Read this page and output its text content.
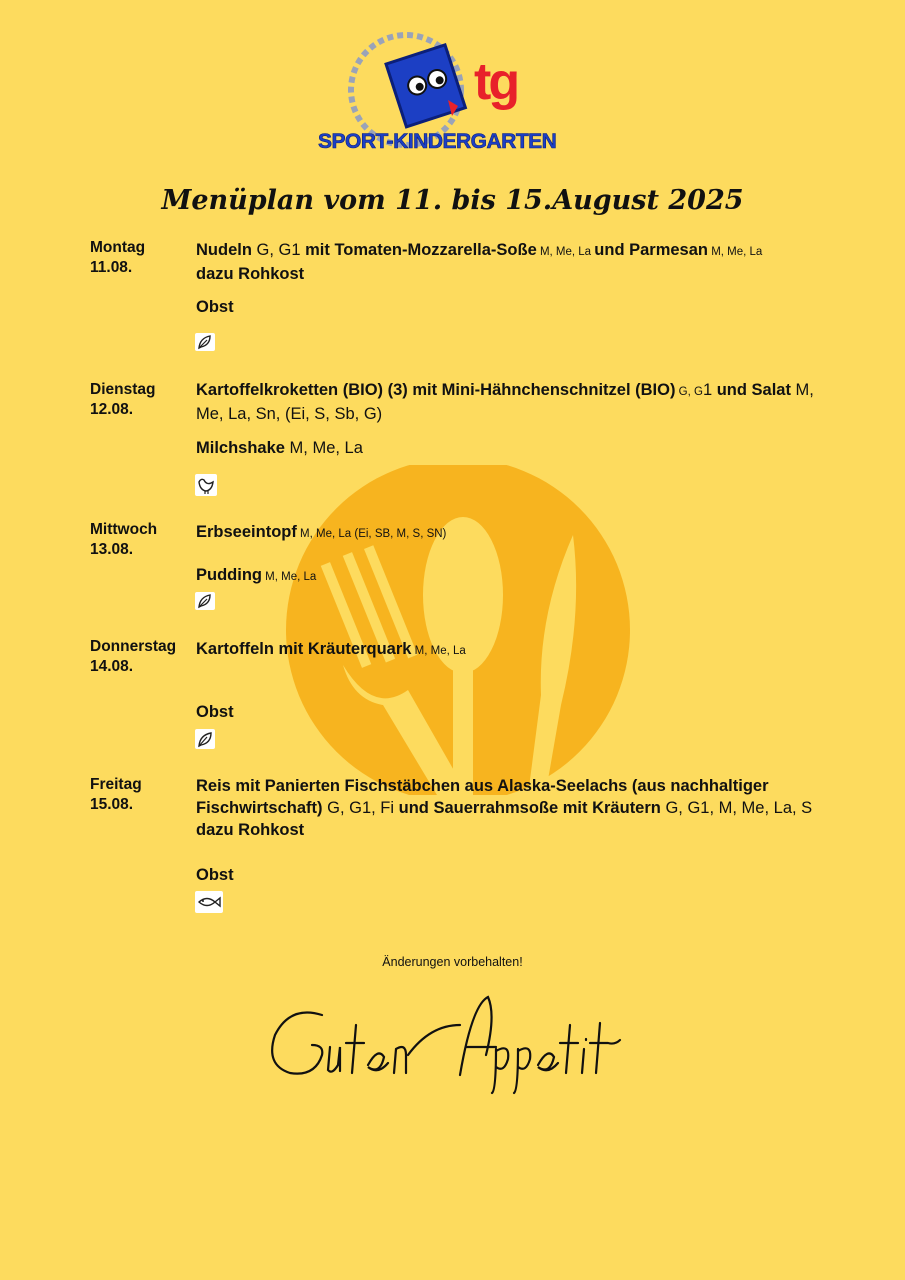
tg
SPORT-KINDERGARTEN
Menüplan vom 11. bis 15.August 2025
Montag
11.08.
Nudeln G, G1 mit Tomaten-Mozzarella-Soße M, Me, La und Parmesan M, Me, La
dazu Rohkost
Obst
Dienstag
12.08.
Kartoffelkroketten (BIO) (3) mit Mini-Hähnchenschnitzel (BIO) G, G1 und Salat M, Me, La, Sn, (Ei, S, Sb, G)
Milchshake M, Me, La
Mittwoch
13.08.
Erbseeintopf M, Me, La (Ei, SB, M, S, SN)
Pudding M, Me, La
Donnerstag
14.08.
Kartoffeln mit Kräuterquark M, Me, La
Obst
Freitag
15.08.
Reis mit Panierten Fischstäbchen aus Alaska-Seelachs (aus nachhaltiger Fischwirtschaft) G, G1, Fi und Sauerrahmsoße mit Kräutern G, G1, M, Me, La, S dazu Rohkost
Obst
Änderungen vorbehalten!
